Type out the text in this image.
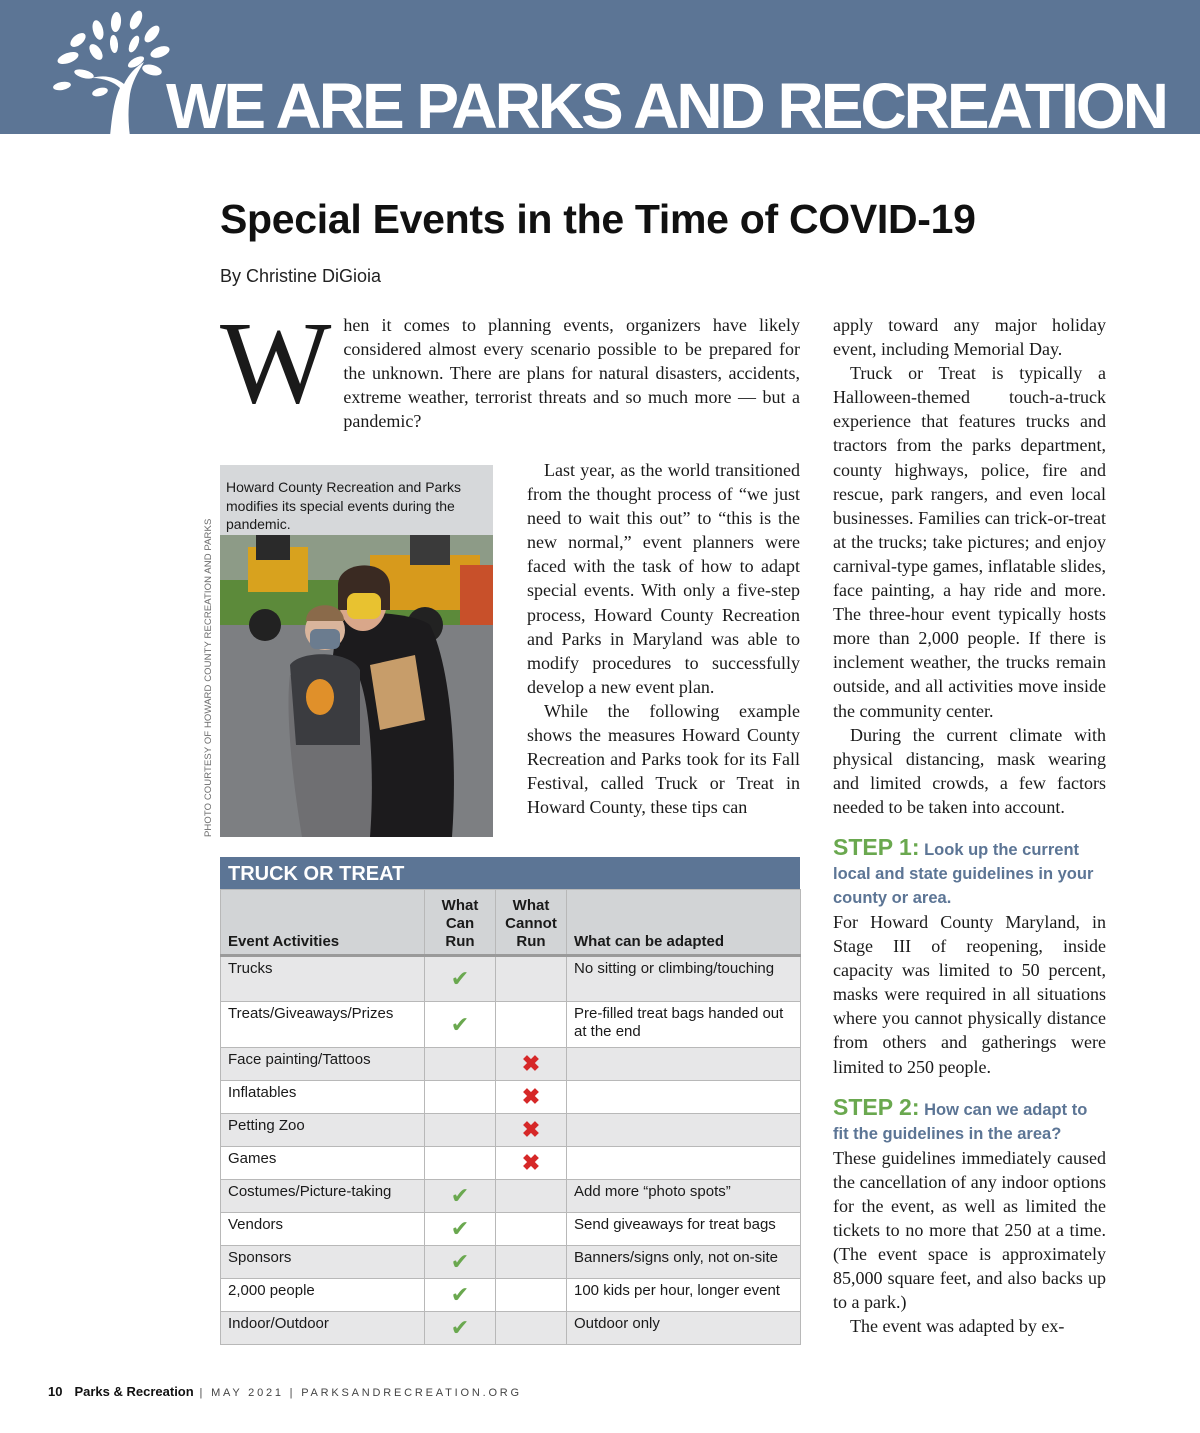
WE ARE PARKS AND RECREATION
Special Events in the Time of COVID-19
By Christine DiGioia
When it comes to planning events, organizers have likely considered almost every scenario possible to be prepared for the unknown. There are plans for natural disasters, accidents, extreme weather, terrorist threats and so much more — but a pandemic?
Howard County Recreation and Parks modifies its special events during the pandemic.
PHOTO COURTESY OF HOWARD COUNTY RECREATION AND PARKS

Last year, as the world transitioned from the thought process of “we just need to wait this out” to “this is the new normal,” event planners were faced with the task of how to adapt special events. With only a five-step process, Howard County Recreation and Parks in Maryland was able to modify procedures to successfully develop a new event plan.

While the following example shows the measures Howard County Recreation and Parks took for its Fall Festival, called Truck or Treat in Howard County, these tips can

apply toward any major holiday event, including Memorial Day.

Truck or Treat is typically a Halloween-themed touch-a-truck experience that features trucks and tractors from the parks department, county highways, police, fire and rescue, park rangers, and even local businesses. Families can trick-or-treat at the trucks; take pictures; and enjoy carnival-type games, inflatable slides, face painting, a hay ride and more. The three-hour event typically hosts more than 2,000 people. If there is inclement weather, the trucks remain outside, and all activities move inside the community center.

During the current climate with physical distancing, mask wearing and limited crowds, a few factors needed to be taken into account.

STEP 1: Look up the current local and state guidelines in your county or area.

For Howard County Maryland, in Stage III of reopening, inside capacity was limited to 50 percent, masks were required in all situations where you cannot physically distance from others and gatherings were limited to 250 people.

STEP 2: How can we adapt to fit the guidelines in the area?

These guidelines immediately caused the cancellation of any indoor options for the event, as well as limited the tickets to no more that 250 at a time. (The event space is approximately 85,000 square feet, and also backs up to a park.)

The event was adapted by ex-

TRUCK OR TREAT
Event Activities	What Can Run	What Cannot Run	What can be adapted
Trucks	✔		No sitting or climbing/touching
Treats/Giveaways/Prizes	✔		Pre-filled treat bags handed out at the end
Face painting/Tattoos		✖	
Inflatables		✖	
Petting Zoo		✖	
Games		✖	
Costumes/Picture-taking	✔		Add more “photo spots”
Vendors	✔		Send giveaways for treat bags
Sponsors	✔		Banners/signs only, not on-site
2,000 people	✔		100 kids per hour, longer event
Indoor/Outdoor	✔		Outdoor only
10 Parks & Recreation | MAY 2021 | PARKSANDRECREATION.ORG
